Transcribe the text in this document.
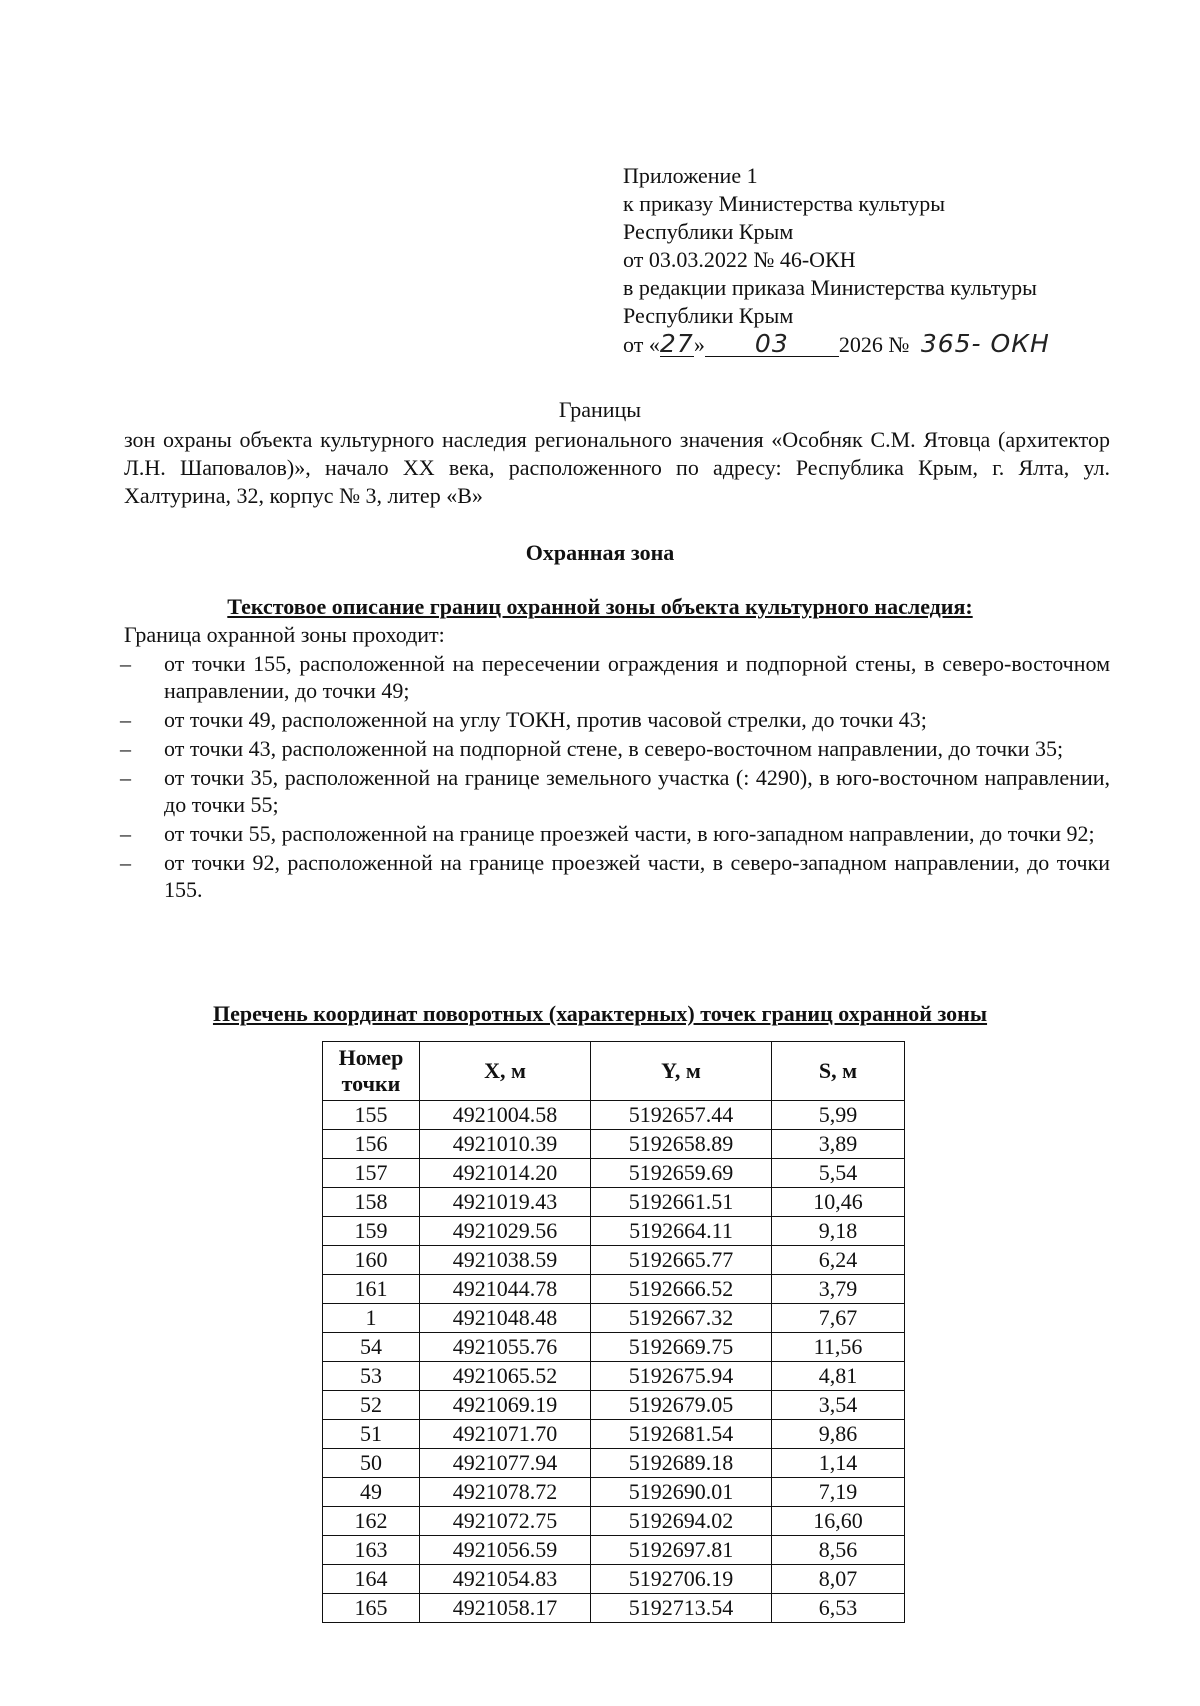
Приложение 1
к приказу Министерства культуры
Республики Крым
от 03.03.2022 № 46-ОКН
в редакции приказа Министерства культуры
Республики Крым
от «27» 03 2026 № 365- ОКН
Границы
зон охраны объекта культурного наследия регионального значения «Особняк С.М. Ятовца (архитектор Л.Н. Шаповалов)», начало XX века, расположенного по адресу: Республика Крым, г. Ялта, ул. Халтурина, 32, корпус № 3, литер «В»
Охранная зона
Текстовое описание границ охранной зоны объекта культурного наследия:
Граница охранной зоны проходит:
– от точки 155, расположенной на пересечении ограждения и подпорной стены, в северо-восточном направлении, до точки 49;
– от точки 49, расположенной на углу ТОКН, против часовой стрелки, до точки 43;
– от точки 43, расположенной на подпорной стене, в северо-восточном направлении, до точки 35;
– от точки 35, расположенной на границе земельного участка (: 4290), в юго-восточном направлении, до точки 55;
– от точки 55, расположенной на границе проезжей части, в юго-западном направлении, до точки 92;
– от точки 92, расположенной на границе проезжей части, в северо-западном направлении, до точки 155.
Перечень координат поворотных (характерных) точек границ охранной зоны
Номер
точки	X, м	Y, м	S, м
155	4921004.58	5192657.44	5,99
156	4921010.39	5192658.89	3,89
157	4921014.20	5192659.69	5,54
158	4921019.43	5192661.51	10,46
159	4921029.56	5192664.11	9,18
160	4921038.59	5192665.77	6,24
161	4921044.78	5192666.52	3,79
1	4921048.48	5192667.32	7,67
54	4921055.76	5192669.75	11,56
53	4921065.52	5192675.94	4,81
52	4921069.19	5192679.05	3,54
51	4921071.70	5192681.54	9,86
50	4921077.94	5192689.18	1,14
49	4921078.72	5192690.01	7,19
162	4921072.75	5192694.02	16,60
163	4921056.59	5192697.81	8,56
164	4921054.83	5192706.19	8,07
165	4921058.17	5192713.54	6,53
